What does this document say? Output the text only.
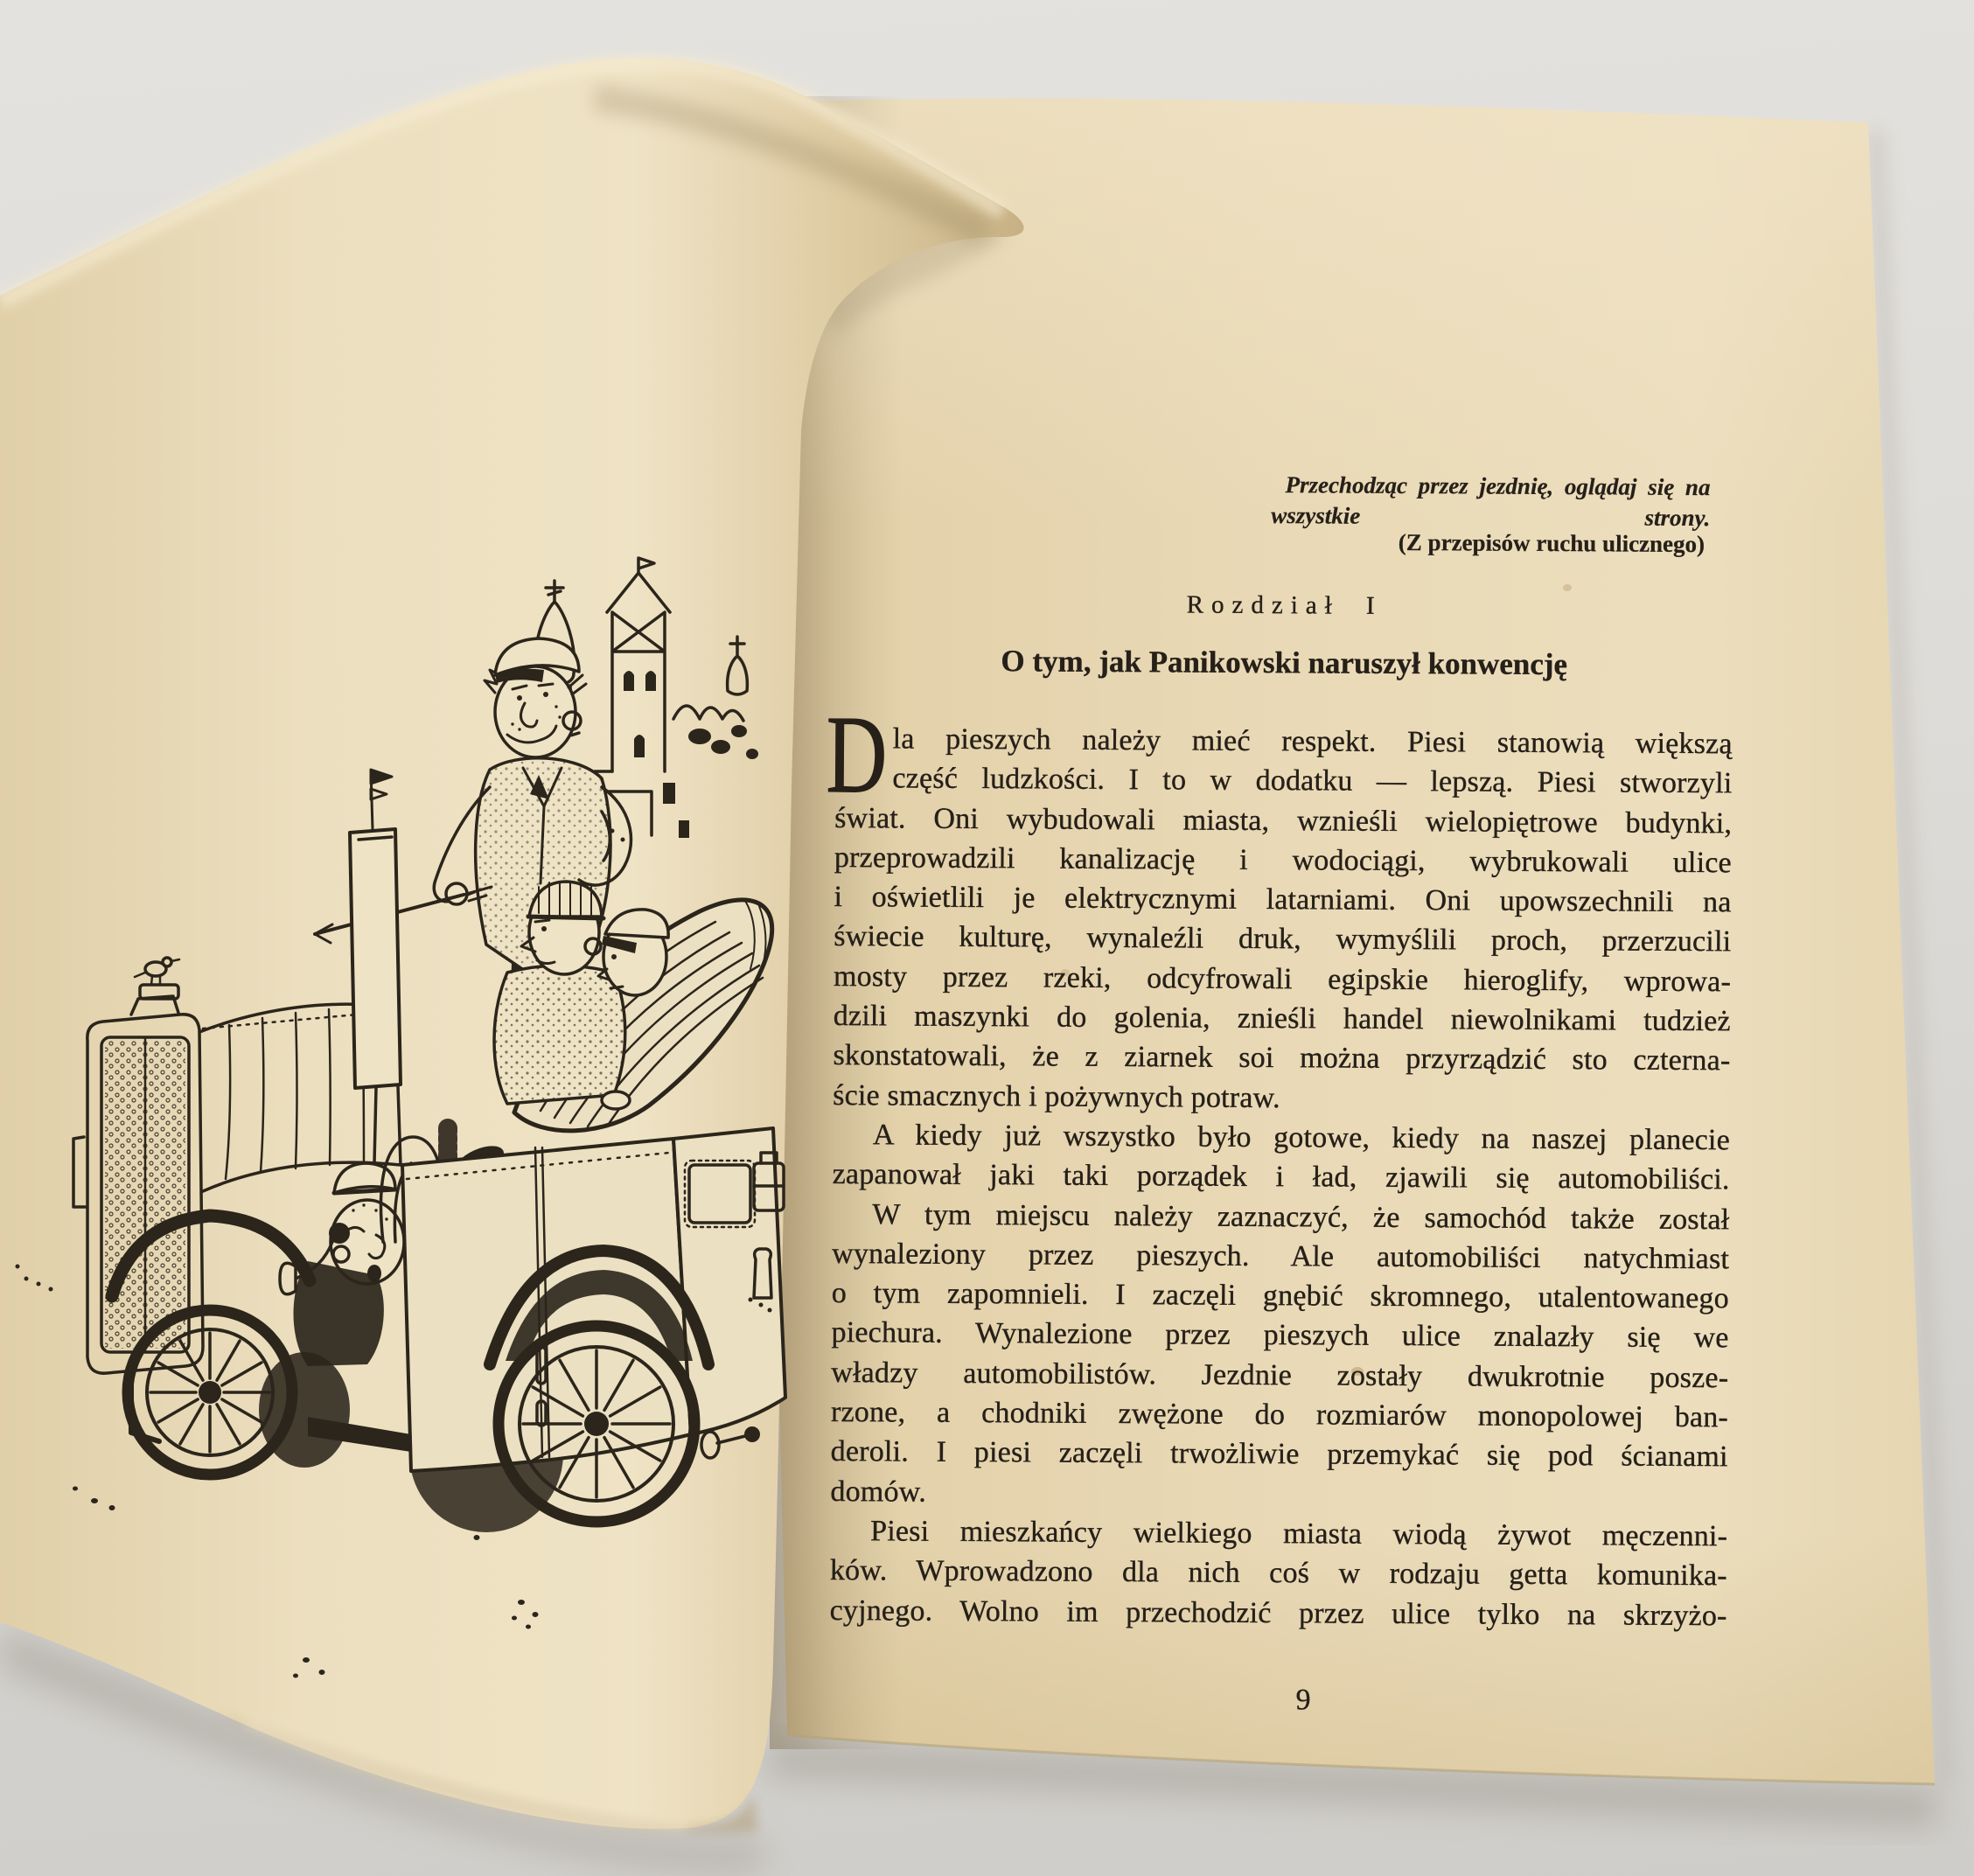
Przechodząc przez jezdnię, oglądaj się na
wszystkie strony.
(Z przepisów ruchu ulicznego)
Rozdział I
O tym, jak Panikowski naruszył konwencję
D la pieszych należy mieć respekt. Piesi stanowią większą
część ludzkości. I to w dodatku — lepszą. Piesi stworzyli
świat. Oni wybudowali miasta, wznieśli wielopiętrowe budynki,
przeprowadzili kanalizację i wodociągi, wybrukowali ulice
i oświetlili je elektrycznymi latarniami. Oni upowszechnili na
świecie kulturę, wynaleźli druk, wymyślili proch, przerzucili
mosty przez rzeki, odcyfrowali egipskie hieroglify, wprowa-
dzili maszynki do golenia, znieśli handel niewolnikami tudzież
skonstatowali, że z ziarnek soi można przyrządzić sto czterna-
ście smacznych i pożywnych potraw.
A kiedy już wszystko było gotowe, kiedy na naszej planecie
zapanował jaki taki porządek i ład, zjawili się automobiliści.
W tym miejscu należy zaznaczyć, że samochód także został
wynaleziony przez pieszych. Ale automobiliści natychmiast
o tym zapomnieli. I zaczęli gnębić skromnego, utalentowanego
piechura. Wynalezione przez pieszych ulice znalazły się we
władzy automobilistów. Jezdnie zostały dwukrotnie posze-
rzone, a chodniki zwężone do rozmiarów monopolowej ban-
deroli. I piesi zaczęli trwożliwie przemykać się pod ścianami
domów.
Piesi mieszkańcy wielkiego miasta wiodą żywot męczenni-
ków. Wprowadzono dla nich coś w rodzaju getta komunika-
cyjnego. Wolno im przechodzić przez ulice tylko na skrzyżo-
9
